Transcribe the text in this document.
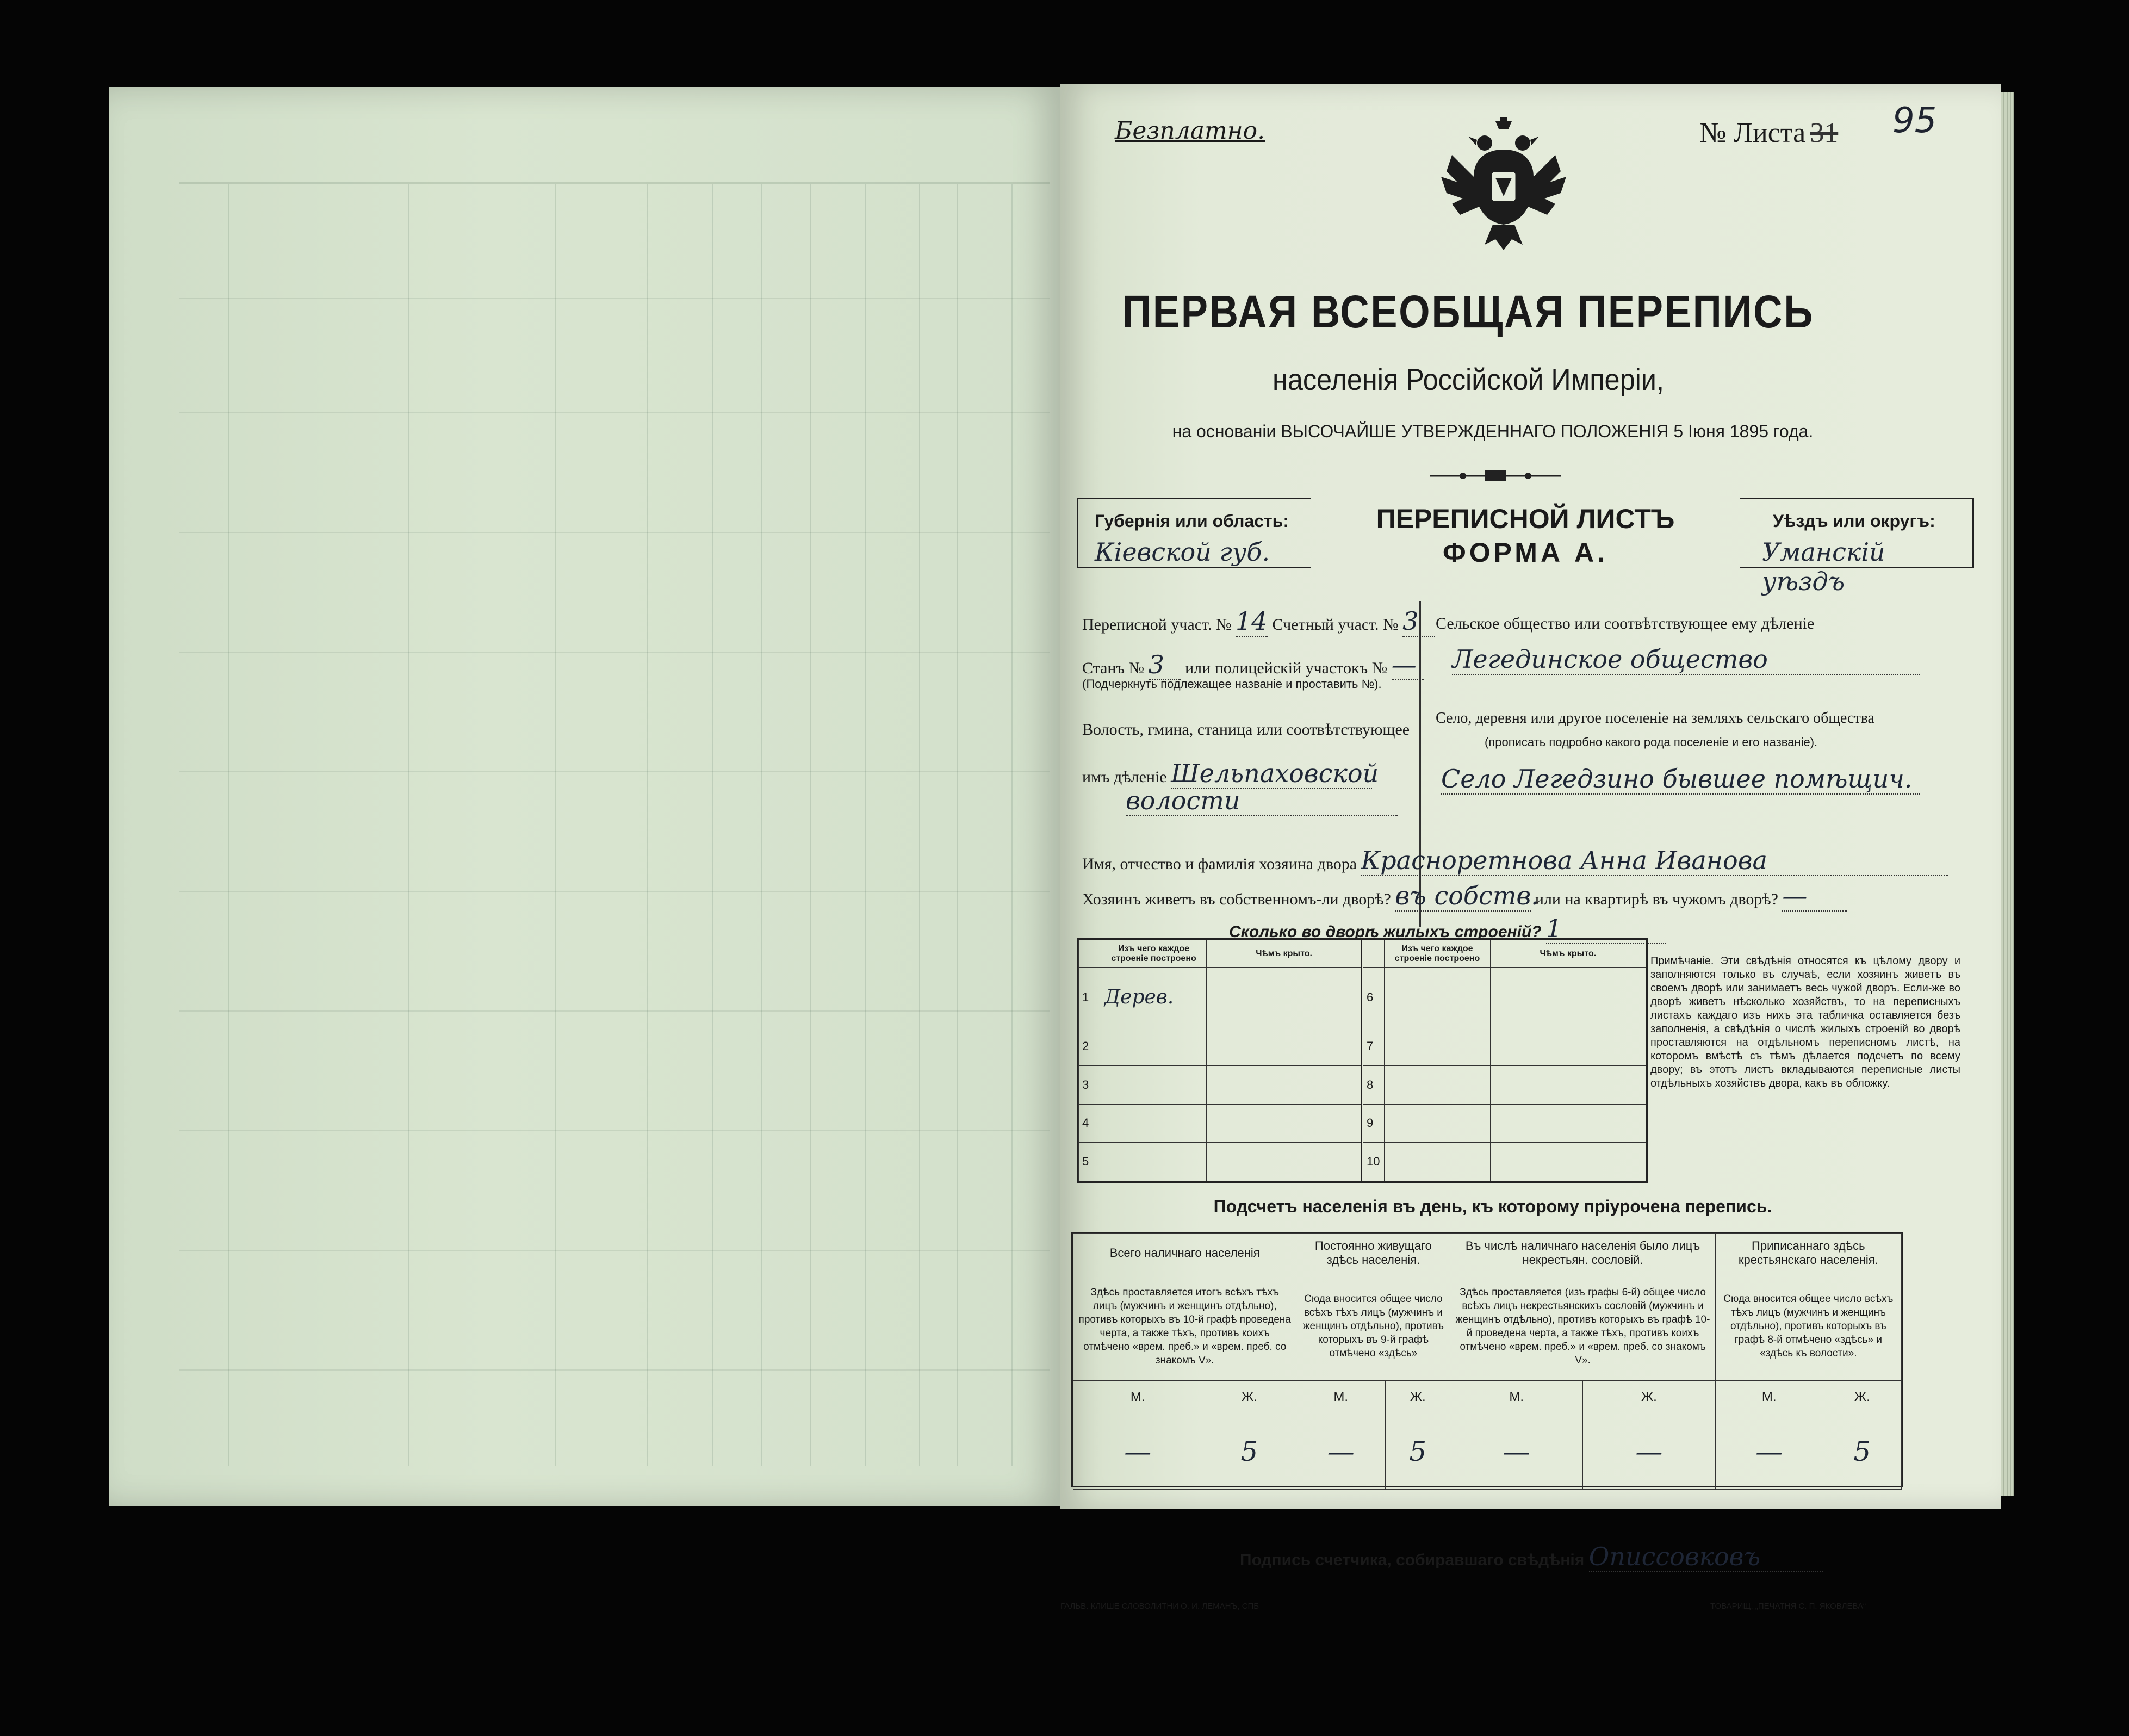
Безплатно.	№ Листа 31 95
ПЕРВАЯ ВСЕОБЩАЯ ПЕРЕПИСЬ
населенія Россійской Имперіи,
на основаніи ВЫСОЧАЙШЕ УТВЕРЖДЕННАГО ПОЛОЖЕНІЯ 5 Іюня 1895 года.
Губернія или область:
Кіевской губ.
ПЕРЕПИСНОЙ ЛИСТЪ
ФОРМА А.
Уѣздъ или округъ:
Уманскій уѣздъ
Переписной участ. № 14 Счетный участ. № 3
Станъ № 3 или полицейскій участокъ № —
(Подчеркнуть подлежащее названіе и проставить №).
Волость, гмина, станица или соотвѣтствующее
имъ дѣленіе Шельпаховской
волости
Сельское общество или соотвѣтствующее ему дѣленіе
Легединское общество
Село, деревня или другое поселеніе на земляхъ сельскаго общества
(прописать подробно какого рода поселеніе и его названіе).
Село Легедзино бывшее помѣщич.
Имя, отчество и фамилія хозяина двора Красноретнова Анна Иванова
Хозяинъ живетъ въ собственномъ-ли дворѣ? въ собств. или на квартирѣ въ чужомъ дворѣ? —
Сколько во дворѣ жилыхъ строеній? 1
	Изъ чего каждое строеніе построено	Чѣмъ крыто.		Изъ чего каждое строеніе построено	Чѣмъ крыто.
1	Дерев.		6		
2			7		
3			8		
4			9		
5			10		
Примѣчаніе. Эти свѣдѣнія относятся къ цѣлому двору и заполняются только въ случаѣ, если хозяинъ живетъ въ своемъ дворѣ или занимаетъ весь чужой дворъ. Если-же во дворѣ живетъ нѣсколько хозяйствъ, то на переписныхъ листахъ каждаго изъ нихъ эта табличка оставляется безъ заполненія, а свѣдѣнія о числѣ жилыхъ строеній во дворѣ проставляются на отдѣльномъ переписномъ листѣ, на которомъ вмѣстѣ съ тѣмъ дѣлается подсчетъ по всему двору; въ этотъ листъ вкладываются переписные листы отдѣльныхъ хозяйствъ двора, какъ въ обложку.
Подсчетъ населенія въ день, къ которому пріурочена перепись.
Всего наличнаго населенія		Постоянно живущаго здѣсь населенія.		Въ числѣ наличнаго населенія было лицъ некрестьян. сословій.		Приписаннаго здѣсь крестьянскаго населенія.	
Здѣсь проставляется итогъ всѣхъ тѣхъ лицъ (мужчинъ и женщинъ отдѣльно), противъ которыхъ въ 10-й графѣ проведена черта, а также тѣхъ, противъ коихъ отмѣчено «врем. преб.» и «врем. преб. со знакомъ V».		Сюда вносится общее число всѣхъ тѣхъ лицъ (мужчинъ и женщинъ отдѣльно), противъ которыхъ въ 9-й графѣ отмѣчено «здѣсь»		Здѣсь проставляется (изъ графы 6-й) общее число всѣхъ лицъ некрестьянскихъ сословій (мужчинъ и женщинъ отдѣльно), противъ которыхъ въ графѣ 10-й проведена черта, а также тѣхъ, противъ коихъ отмѣчено «врем. преб.» и «врем. преб. со знакомъ V».		Сюда вносится общее число всѣхъ тѣхъ лицъ (мужчинъ и женщинъ отдѣльно), противъ которыхъ въ графѣ 8-й отмѣчено «здѣсь» и «здѣсь къ волости».	
М.	Ж.	М.	Ж.	М.	Ж.	М.	Ж.
—	5	—	5	—	—	—	5
Подпись счетчика, собиравшаго свѣдѣнія Описсовковъ
ГАЛЬВ. КЛИШЕ СЛОВОЛИТНИ О. И. ЛЕМАНЪ, СПБ	ТОВАРИЩ. „ПЕЧАТНЯ С. П. ЯКОВЛЕВА“
